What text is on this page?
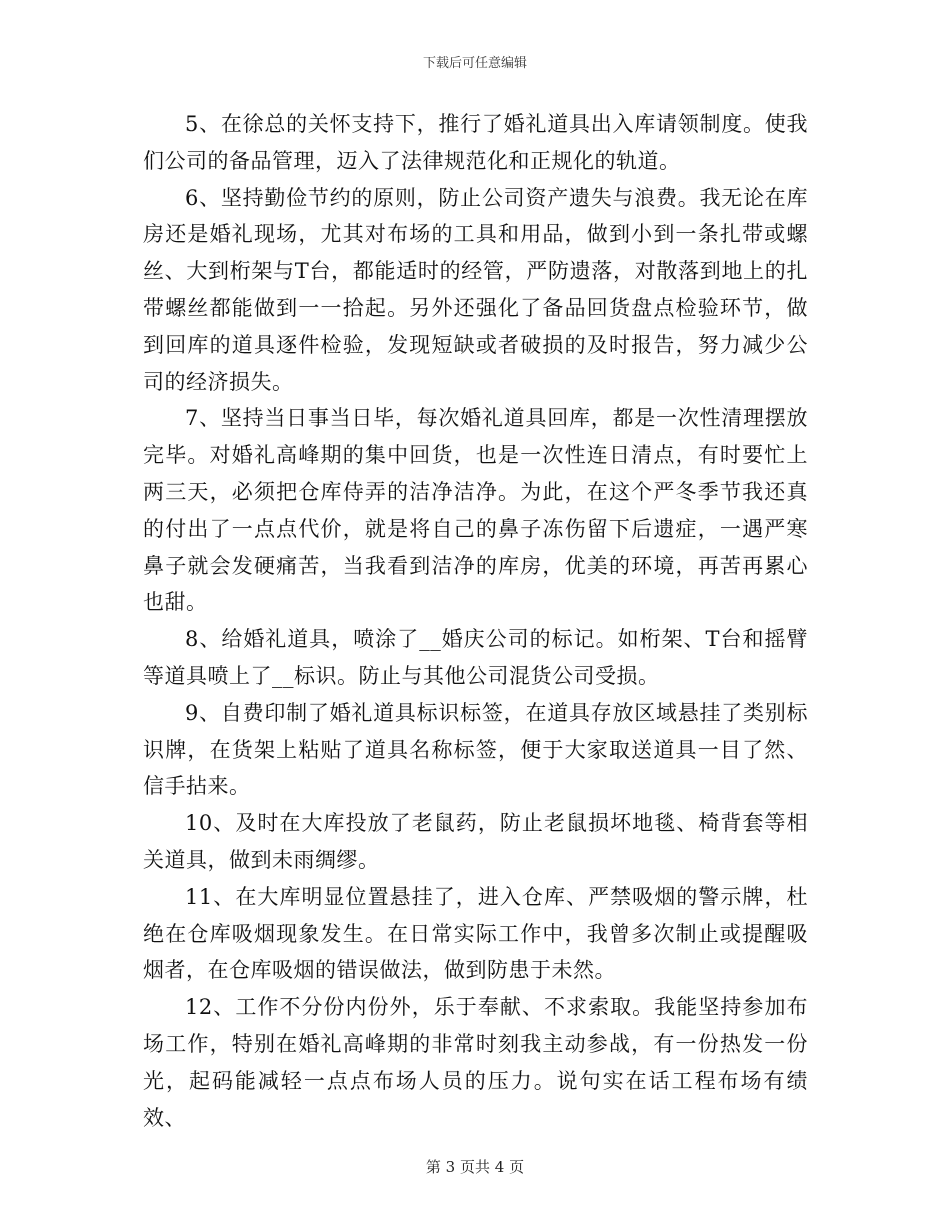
下载后可任意编辑

5、在徐总的关怀支持下，推行了婚礼道具出入库请领制度。使我们公司的备品管理，迈入了法律规范化和正规化的轨道。

6、坚持勤俭节约的原则，防止公司资产遗失与浪费。我无论在库房还是婚礼现场，尤其对布场的工具和用品，做到小到一条扎带或螺丝、大到桁架与T台，都能适时的经管，严防遗落，对散落到地上的扎带螺丝都能做到一一拾起。另外还强化了备品回货盘点检验环节，做到回库的道具逐件检验，发现短缺或者破损的及时报告，努力减少公司的经济损失。

7、坚持当日事当日毕，每次婚礼道具回库，都是一次性清理摆放完毕。对婚礼高峰期的集中回货，也是一次性连日清点，有时要忙上两三天，必须把仓库侍弄的洁净洁净。为此，在这个严冬季节我还真的付出了一点点代价，就是将自己的鼻子冻伤留下后遗症，一遇严寒鼻子就会发硬痛苦，当我看到洁净的库房，优美的环境，再苦再累心也甜。

8、给婚礼道具，喷涂了__婚庆公司的标记。如桁架、T台和摇臂等道具喷上了__标识。防止与其他公司混货公司受损。

9、自费印制了婚礼道具标识标签，在道具存放区域悬挂了类别标识牌，在货架上粘贴了道具名称标签，便于大家取送道具一目了然、信手拈来。

10、及时在大库投放了老鼠药，防止老鼠损坏地毯、椅背套等相关道具，做到未雨绸缪。

11、在大库明显位置悬挂了，进入仓库、严禁吸烟的警示牌，杜绝在仓库吸烟现象发生。在日常实际工作中，我曾多次制止或提醒吸烟者，在仓库吸烟的错误做法，做到防患于未然。

12、工作不分份内份外，乐于奉献、不求索取。我能坚持参加布场工作，特别在婚礼高峰期的非常时刻我主动参战，有一份热发一份光，起码能减轻一点点布场人员的压力。说句实在话工程布场有绩效、

第 3 页共 4 页
